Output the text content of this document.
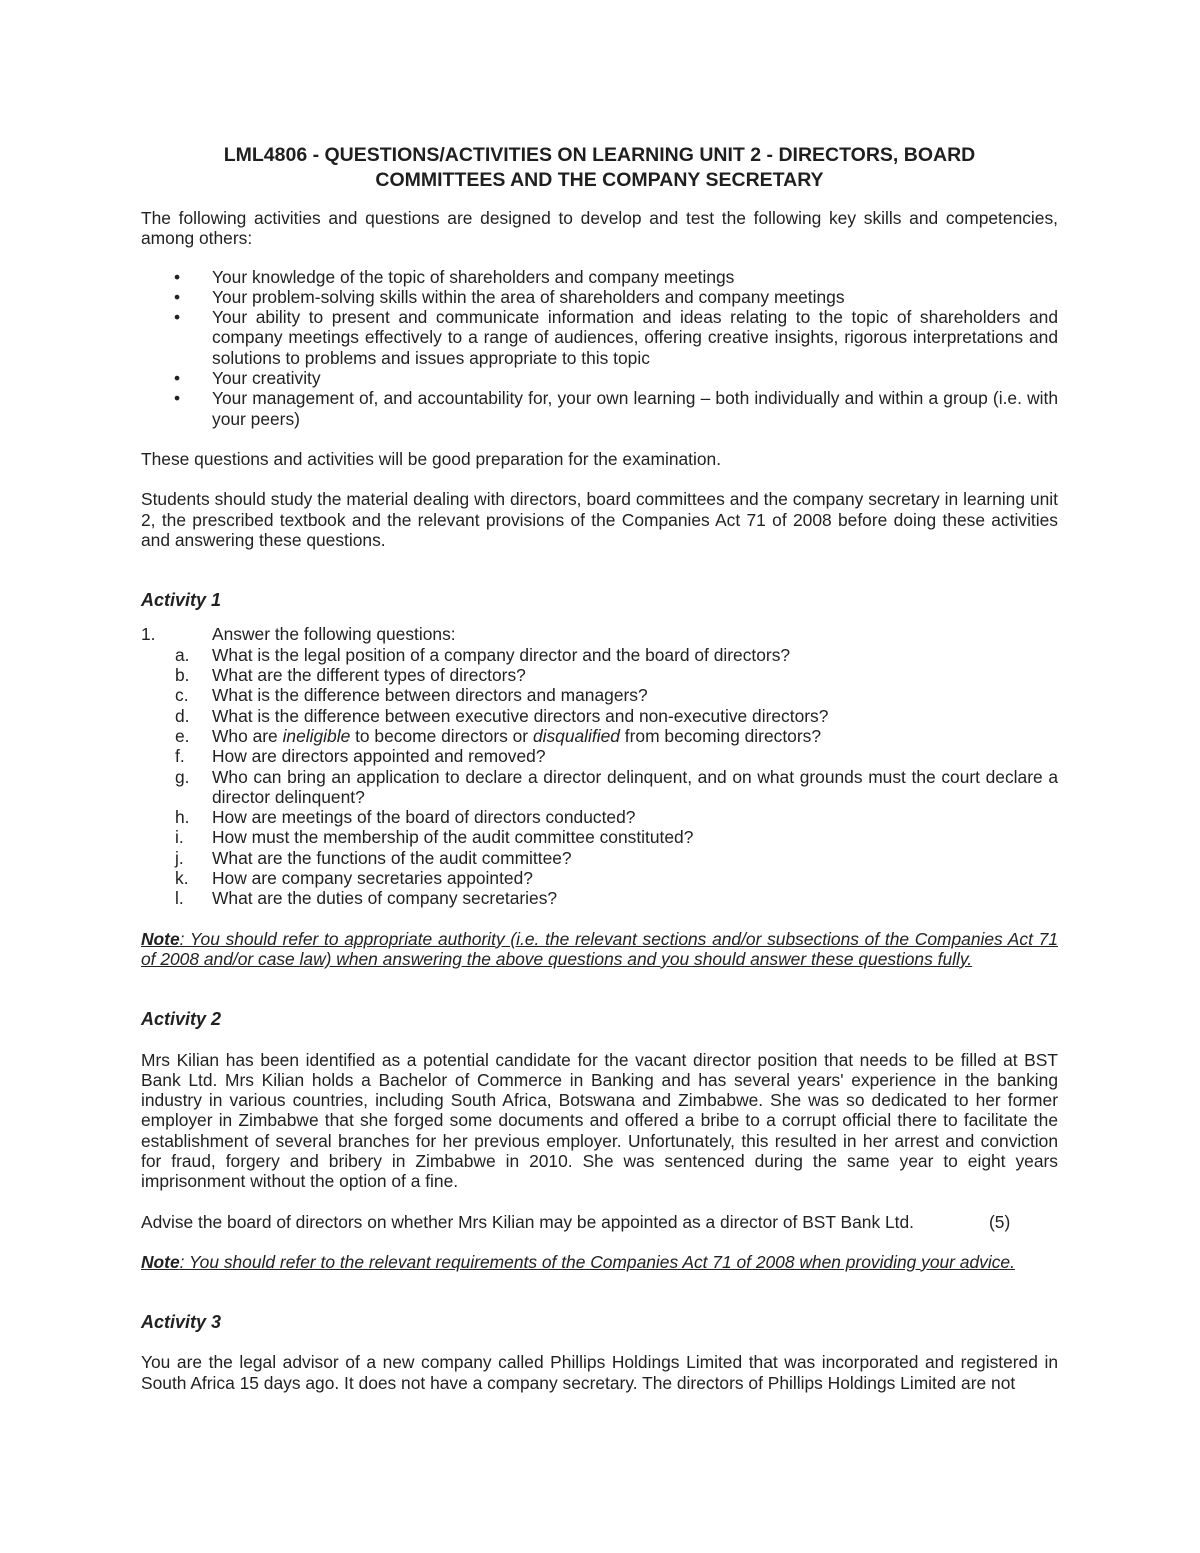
LML4806 - QUESTIONS/ACTIVITIES ON LEARNING UNIT 2 - DIRECTORS, BOARD
COMMITTEES AND THE COMPANY SECRETARY

The following activities and questions are designed to develop and test the following key skills and competencies, among others:

• Your knowledge of the topic of shareholders and company meetings
• Your problem-solving skills within the area of shareholders and company meetings
• Your ability to present and communicate information and ideas relating to the topic of shareholders and company meetings effectively to a range of audiences, offering creative insights, rigorous interpretations and solutions to problems and issues appropriate to this topic
• Your creativity
• Your management of, and accountability for, your own learning – both individually and within a group (i.e. with your peers)

These questions and activities will be good preparation for the examination.

Students should study the material dealing with directors, board committees and the company secretary in learning unit 2, the prescribed textbook and the relevant provisions of the Companies Act 71 of 2008 before doing these activities and answering these questions.

Activity 1
1.	Answer the following questions:
a. What is the legal position of a company director and the board of directors?
b. What are the different types of directors?
c. What is the difference between directors and managers?
d. What is the difference between executive directors and non-executive directors?
e. Who are ineligible to become directors or disqualified from becoming directors?
f. How are directors appointed and removed?
g. Who can bring an application to declare a director delinquent, and on what grounds must the court declare a director delinquent?
h. How are meetings of the board of directors conducted?
i. How must the membership of the audit committee constituted?
j. What are the functions of the audit committee?
k. How are company secretaries appointed?
l. What are the duties of company secretaries?

Note: You should refer to appropriate authority (i.e. the relevant sections and/or subsections of the Companies Act 71 of 2008 and/or case law) when answering the above questions and you should answer these questions fully.

Activity 2

Mrs Kilian has been identified as a potential candidate for the vacant director position that needs to be filled at BST Bank Ltd. Mrs Kilian holds a Bachelor of Commerce in Banking and has several years' experience in the banking industry in various countries, including South Africa, Botswana and Zimbabwe. She was so dedicated to her former employer in Zimbabwe that she forged some documents and offered a bribe to a corrupt official there to facilitate the establishment of several branches for her previous employer. Unfortunately, this resulted in her arrest and conviction for fraud, forgery and bribery in Zimbabwe in 2010. She was sentenced during the same year to eight years imprisonment without the option of a fine.

Advise the board of directors on whether Mrs Kilian may be appointed as a director of BST Bank Ltd.	(5)

Note: You should refer to the relevant requirements of the Companies Act 71 of 2008 when providing your advice.

Activity 3

You are the legal advisor of a new company called Phillips Holdings Limited that was incorporated and registered in South Africa 15 days ago. It does not have a company secretary. The directors of Phillips Holdings Limited are not
